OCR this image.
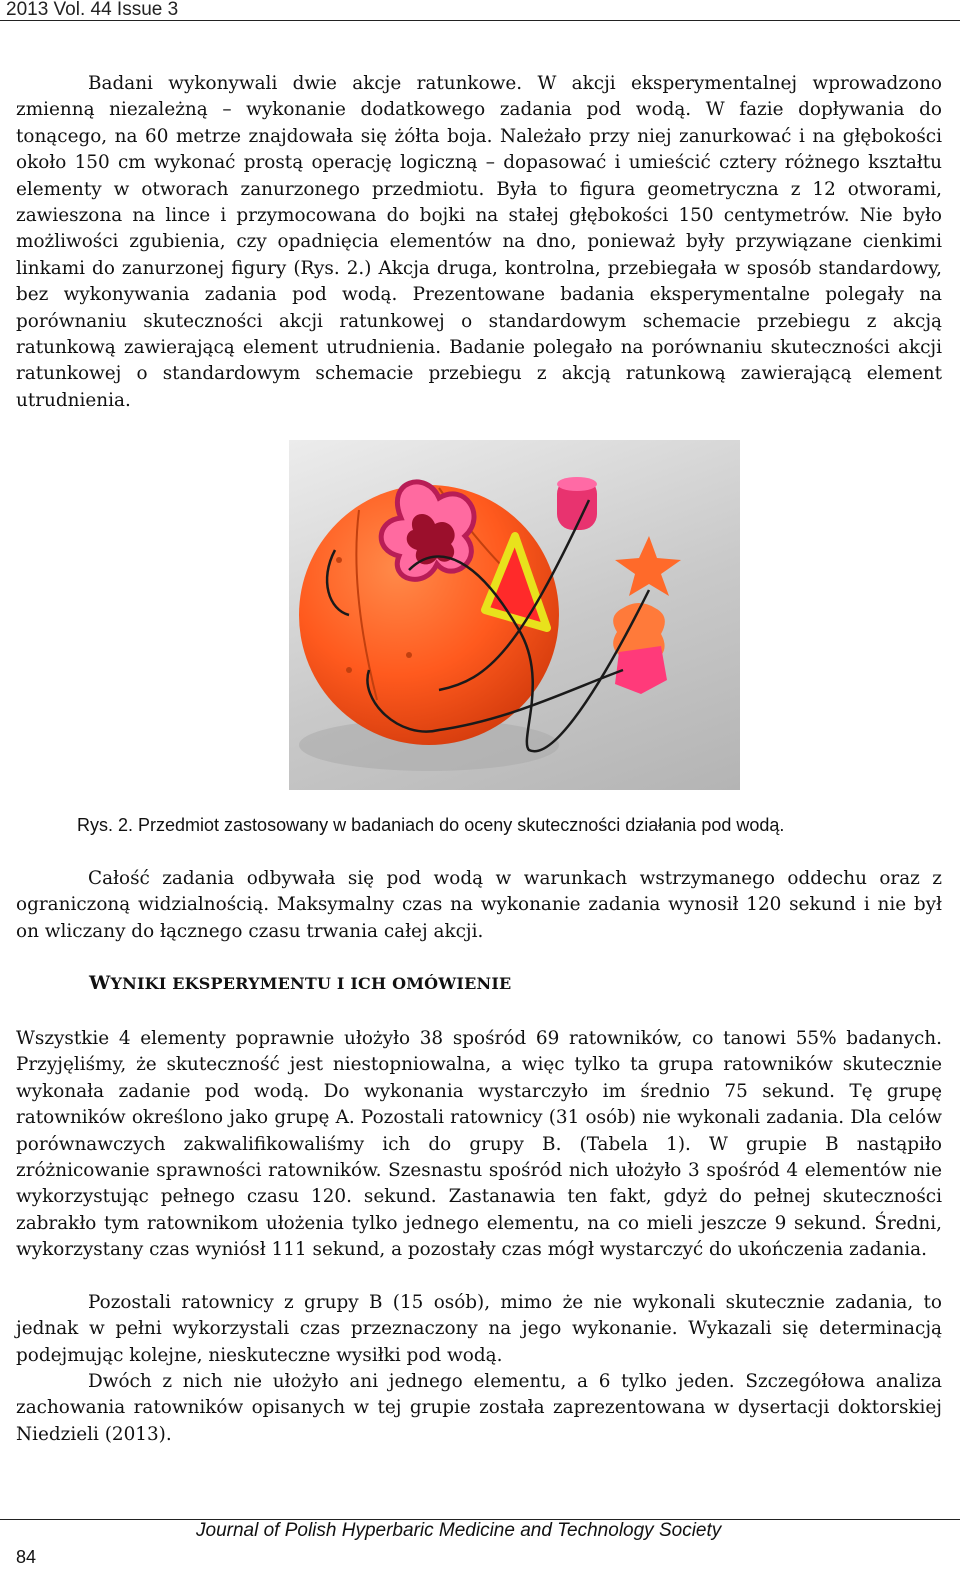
2013 Vol. 44 Issue 3

Badani wykonywali dwie akcje ratunkowe. W akcji eksperymentalnej wprowadzono zmienną niezależną – wykonanie dodatkowego zadania pod wodą. W fazie dopływania do tonącego, na 60 metrze znajdowała się żółta boja. Należało przy niej zanurkować i na głębokości około 150 cm wykonać prostą operację logiczną – dopasować i umieścić cztery różnego kształtu elementy w otworach zanurzonego przedmiotu. Była to figura geometryczna z 12 otworami, zawieszona na lince i przymocowana do bojki na stałej głębokości 150 centymetrów. Nie było możliwości zgubienia, czy opadnięcia elementów na dno, ponieważ były przywiązane cienkimi linkami do zanurzonej figury (Rys. 2.) Akcja druga, kontrolna, przebiegała w sposób standardowy, bez wykonywania zadania pod wodą. Prezentowane badania eksperymentalne polegały na porównaniu skuteczności akcji ratunkowej o standardowym schemacie przebiegu z akcją ratunkową zawierającą element utrudnienia. Badanie polegało na porównaniu skuteczności akcji ratunkowej o standardowym schemacie przebiegu z akcją ratunkową zawierającą element utrudnienia.

Rys. 2. Przedmiot zastosowany w badaniach do oceny skuteczności działania pod wodą.

Całość zadania odbywała się pod wodą w warunkach wstrzymanego oddechu oraz z ograniczoną widzialnością. Maksymalny czas na wykonanie zadania wynosił 120 sekund i nie był on wliczany do łącznego czasu trwania całej akcji.

WYNIKI EKSPERYMENTU I ICH OMÓWIENIE

Wszystkie 4 elementy poprawnie ułożyło 38 spośród 69 ratowników, co tanowi 55% badanych. Przyjęliśmy, że skuteczność jest niestopniowalna, a więc tylko ta grupa ratowników skutecznie wykonała zadanie pod wodą. Do wykonania wystarczyło im średnio 75 sekund. Tę grupę ratowników określono jako grupę A. Pozostali ratownicy (31 osób) nie wykonali zadania. Dla celów porównawczych zakwalifikowaliśmy ich do grupy B. (Tabela 1). W grupie B nastąpiło zróżnicowanie sprawności ratowników. Szesnastu spośród nich ułożyło 3 spośród 4 elementów nie wykorzystując pełnego czasu 120. sekund. Zastanawia ten fakt, gdyż do pełnej skuteczności zabrakło tym ratownikom ułożenia tylko jednego elementu, na co mieli jeszcze 9 sekund. Średni, wykorzystany czas wyniósł 111 sekund, a pozostały czas mógł wystarczyć do ukończenia zadania.

Pozostali ratownicy z grupy B (15 osób), mimo że nie wykonali skutecznie zadania, to jednak w pełni wykorzystali czas przeznaczony na jego wykonanie. Wykazali się determinacją podejmując kolejne, nieskuteczne wysiłki pod wodą.

Dwóch z nich nie ułożyło ani jednego elementu, a 6 tylko jeden. Szczegółowa analiza zachowania ratowników opisanych w tej grupie została zaprezentowana w dysertacji doktorskiej Niedzieli (2013).

Journal of Polish Hyperbaric Medicine and Technology Society

84
